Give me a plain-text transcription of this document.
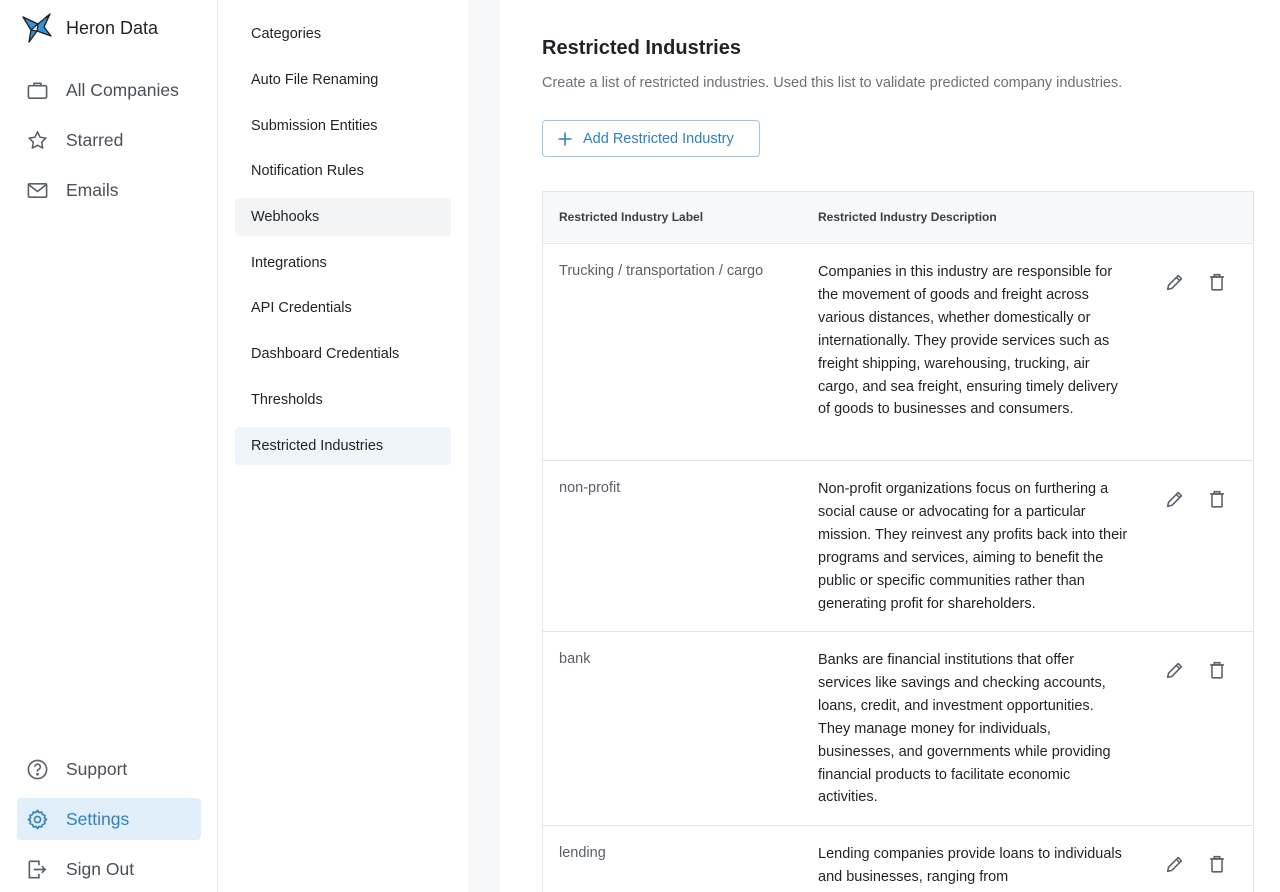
Heron Data
All Companies
Starred
Emails
Support
Settings
Sign Out
Categories
Auto File Renaming
Submission Entities
Notification Rules
Webhooks
Integrations
API Credentials
Dashboard Credentials
Thresholds
Restricted Industries
Restricted Industries

Create a list of restricted industries. Used this list to validate predicted company industries.

Add Restricted Industry
Restricted Industry Label	Restricted Industry Description
Trucking / transportation / cargo	Companies in this industry are responsible for the movement of goods and freight across various distances, whether domestically or internationally. They provide services such as freight shipping, warehousing, trucking, air cargo, and sea freight, ensuring timely delivery of goods to businesses and consumers.
non-profit	Non-profit organizations focus on furthering a social cause or advocating for a particular mission. They reinvest any profits back into their programs and services, aiming to benefit the public or specific communities rather than generating profit for shareholders.
bank	Banks are financial institutions that offer services like savings and checking accounts, loans, credit, and investment opportunities. They manage money for individuals, businesses, and governments while providing financial products to facilitate economic activities.
lending	Lending companies provide loans to individuals and businesses, ranging from
